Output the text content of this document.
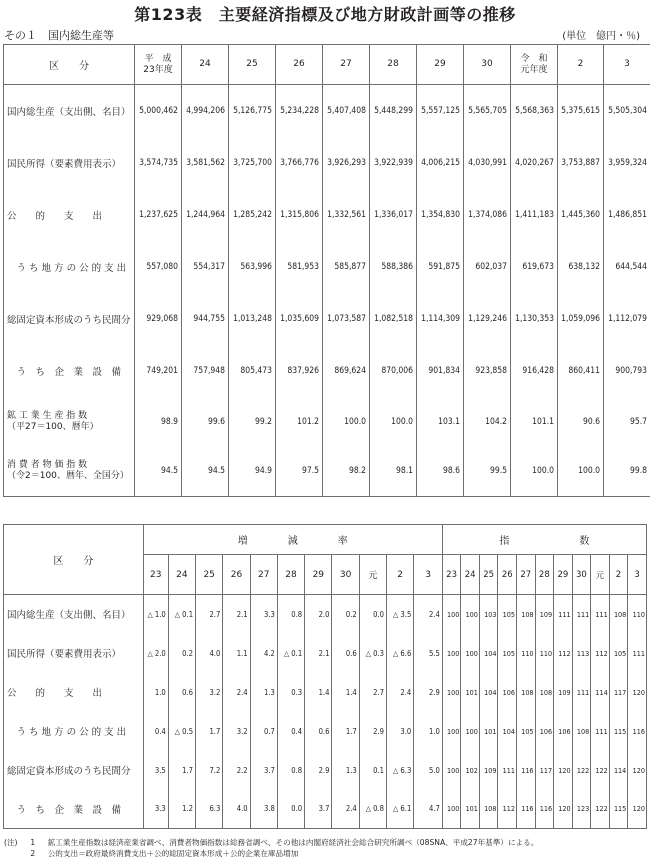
第123表　主要経済指標及び地方財政計画等の推移
その１　国内総生産等	(単位　億円・％)
区　　分	平　成
23年度	24	25	26	27	28	29	30	令　和
元年度	2	3
国内総生産（支出側、名目）	5,000,462	4,994,206	5,126,775	5,234,228	5,407,408	5,448,299	5,557,125	5,565,705	5,568,363	5,375,615	5,505,304
国民所得（要素費用表示）	3,574,735	3,581,562	3,725,700	3,766,776	3,926,293	3,922,939	4,006,215	4,030,991	4,020,267	3,753,887	3,959,324
公　　的　　支　　出	1,237,625	1,244,964	1,285,242	1,315,806	1,332,561	1,336,017	1,354,830	1,374,086	1,411,183	1,445,360	1,486,851
　う ち 地 方 の 公 的 支 出	557,080	554,317	563,996	581,953	585,877	588,386	591,875	602,037	619,673	638,132	644,544
総固定資本形成のうち民間分	929,068	944,755	1,013,248	1,035,609	1,073,587	1,082,518	1,114,309	1,129,246	1,130,353	1,059,096	1,112,079
　う　ち　企　業　設　備	749,201	757,948	805,473	837,926	869,624	870,006	901,834	923,858	916,428	860,411	900,793
鉱 工 業 生 産 指 数
（平27＝100、暦年）	98.9	99.6	99.2	101.2	100.0	100.0	103.1	104.2	101.1	90.6	95.7
消 費 者 物 価 指 数
（令2＝100、暦年、全国分）	94.5	94.5	94.9	97.5	98.2	98.1	98.6	99.5	100.0	100.0	99.8
区　　分	増　　　　減　　　　率											指　　　　　　　数										
	23	24	25	26	27	28	29	30	元	2	3	23	24	25	26	27	28	29	30	元	2	3
国内総生産（支出側、名目）	△ 1.0	△ 0.1	2.7	2.1	3.3	0.8	2.0	0.2	0.0	△ 3.5	2.4	100	100	103	105	108	109	111	111	111	108	110
国民所得（要素費用表示）	△ 2.0	0.2	4.0	1.1	4.2	△ 0.1	2.1	0.6	△ 0.3	△ 6.6	5.5	100	100	104	105	110	110	112	113	112	105	111
公　　的　　支　　出	1.0	0.6	3.2	2.4	1.3	0.3	1.4	1.4	2.7	2.4	2.9	100	101	104	106	108	108	109	111	114	117	120
　う ち 地 方 の 公 的 支 出	0.4	△ 0.5	1.7	3.2	0.7	0.4	0.6	1.7	2.9	3.0	1.0	100	100	101	104	105	106	106	108	111	115	116
総固定資本形成のうち民間分	3.5	1.7	7.2	2.2	3.7	0.8	2.9	1.3	0.1	△ 6.3	5.0	100	102	109	111	116	117	120	122	122	114	120
　う　ち　企　業　設　備	3.3	1.2	6.3	4.0	3.8	0.0	3.7	2.4	△ 0.8	△ 6.1	4.7	100	101	108	112	116	116	120	123	122	115	120
(注) 1 　 鉱工業生産指数は経済産業省調べ、消費者物価指数は総務省調べ、その他は内閣府経済社会総合研究所調べ（08SNA、平成27年基準）による。
2 　 公的支出＝政府最終消費支出＋公的総固定資本形成＋公的企業在庫品増加
